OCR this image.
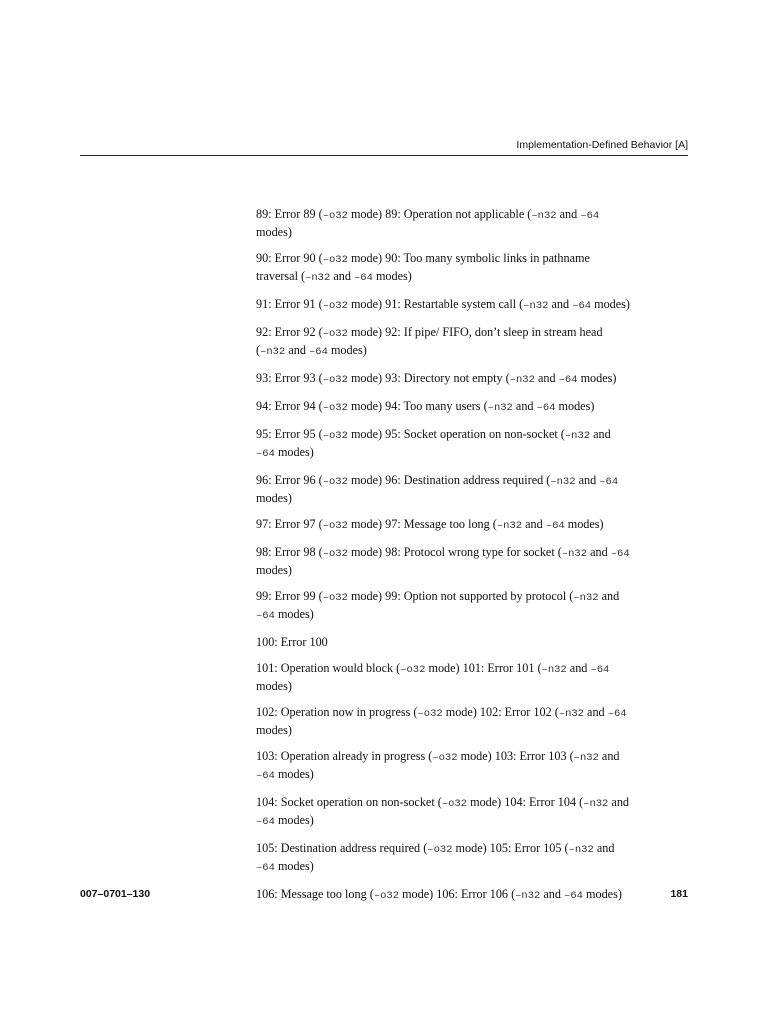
Implementation-Defined Behavior [A]
89: Error 89 (–o32 mode) 89: Operation not applicable (–n32 and –64
modes)
90: Error 90 (–o32 mode) 90: Too many symbolic links in pathname
traversal (–n32 and –64 modes)
91: Error 91 (–o32 mode) 91: Restartable system call (–n32 and –64 modes)
92: Error 92 (–o32 mode) 92: If pipe/ FIFO, don’t sleep in stream head
(–n32 and –64 modes)
93: Error 93 (–o32 mode) 93: Directory not empty (–n32 and –64 modes)
94: Error 94 (–o32 mode) 94: Too many users (–n32 and –64 modes)
95: Error 95 (–o32 mode) 95: Socket operation on non-socket (–n32 and
–64 modes)
96: Error 96 (–o32 mode) 96: Destination address required (–n32 and –64
modes)
97: Error 97 (–o32 mode) 97: Message too long (–n32 and –64 modes)
98: Error 98 (–o32 mode) 98: Protocol wrong type for socket (–n32 and –64
modes)
99: Error 99 (–o32 mode) 99: Option not supported by protocol (–n32 and
–64 modes)
100: Error 100
101: Operation would block (–o32 mode) 101: Error 101 (–n32 and –64
modes)
102: Operation now in progress (–o32 mode) 102: Error 102 (–n32 and –64
modes)
103: Operation already in progress (–o32 mode) 103: Error 103 (–n32 and
–64 modes)
104: Socket operation on non-socket (–o32 mode) 104: Error 104 (–n32 and
–64 modes)
105: Destination address required (–o32 mode) 105: Error 105 (–n32 and
–64 modes)
106: Message too long (–o32 mode) 106: Error 106 (–n32 and –64 modes)
007–0701–130	181
